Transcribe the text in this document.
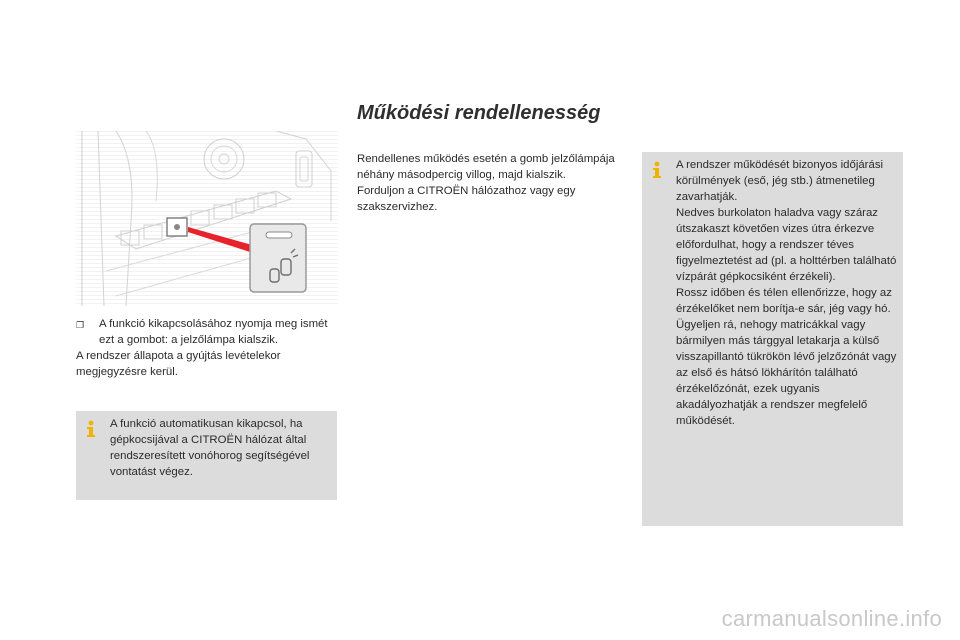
Működési rendellenesség
❐	A funkció kikapcsolásához nyomja meg ismét ezt a gombot: a jelzőlámpa kialszik.
A rendszer állapota a gyújtás levételekor megjegyzésre kerül.
A funkció automatikusan kikapcsol, ha gépkocsijával a CITROËN hálózat által rendszeresített vonóhorog segítségével vontatást végez.
Rendellenes működés esetén a gomb jelzőlámpája néhány másodpercig villog, majd kialszik.
Forduljon a CITROËN hálózathoz vagy egy szakszervizhez.
A rendszer működését bizonyos időjárási körülmények (eső, jég stb.) átmenetileg zavarhatják.
Nedves burkolaton haladva vagy száraz útszakaszt követően vizes útra érkezve előfordulhat, hogy a rendszer téves figyelmeztetést ad (pl. a holttérben található vízpárát gépkocsiként érzékeli).
Rossz időben és télen ellenőrizze, hogy az érzékelőket nem borítja-e sár, jég vagy hó.
Ügyeljen rá, nehogy matricákkal vagy bármilyen más tárggyal letakarja a külső visszapillantó tükrökön lévő jelzőzónát vagy az első és hátsó lökhárítón található érzékelőzónát, ezek ugyanis akadályozhatják a rendszer megfelelő működését.
carmanualsonline.info
